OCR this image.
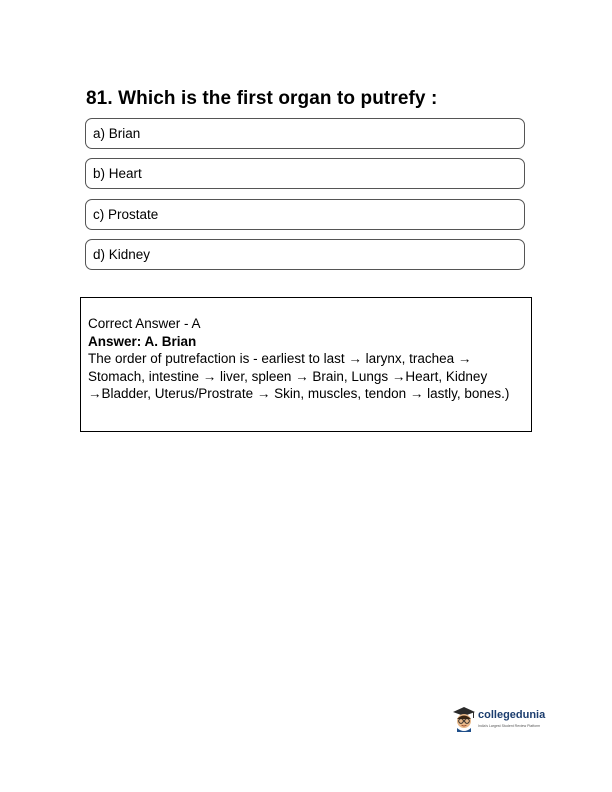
81. Which is the first organ to putrefy :
a) Brian
b) Heart
c) Prostate
d) Kidney
Correct Answer - A
Answer: A. Brian
The order of putrefaction is - earliest to last → larynx, trachea → Stomach, intestine → liver, spleen → Brain, Lungs →Heart, Kidney →Bladder, Uterus/Prostrate → Skin, muscles, tendon → lastly, bones.)
collegedunia
India's Largest Student Review Platform
